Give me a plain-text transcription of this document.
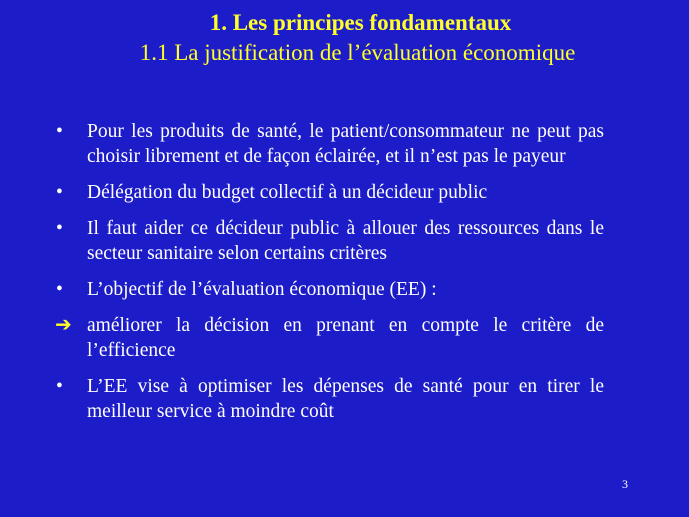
1. Les principes fondamentaux
1.1 La justification de l’évaluation économique
•	Pour les produits de santé, le patient/consommateur ne peut pas choisir librement et de façon éclairée, et il n’est pas le payeur
•	Délégation du budget collectif à un décideur public
•	Il faut aider ce décideur public à allouer des ressources dans le secteur sanitaire selon certains critères
•	L’objectif de l’évaluation économique (EE) :
➔ améliorer la décision en prenant en compte le critère de l’efficience
•	L’EE vise à optimiser les dépenses de santé pour en tirer le meilleur service à moindre coût
3
